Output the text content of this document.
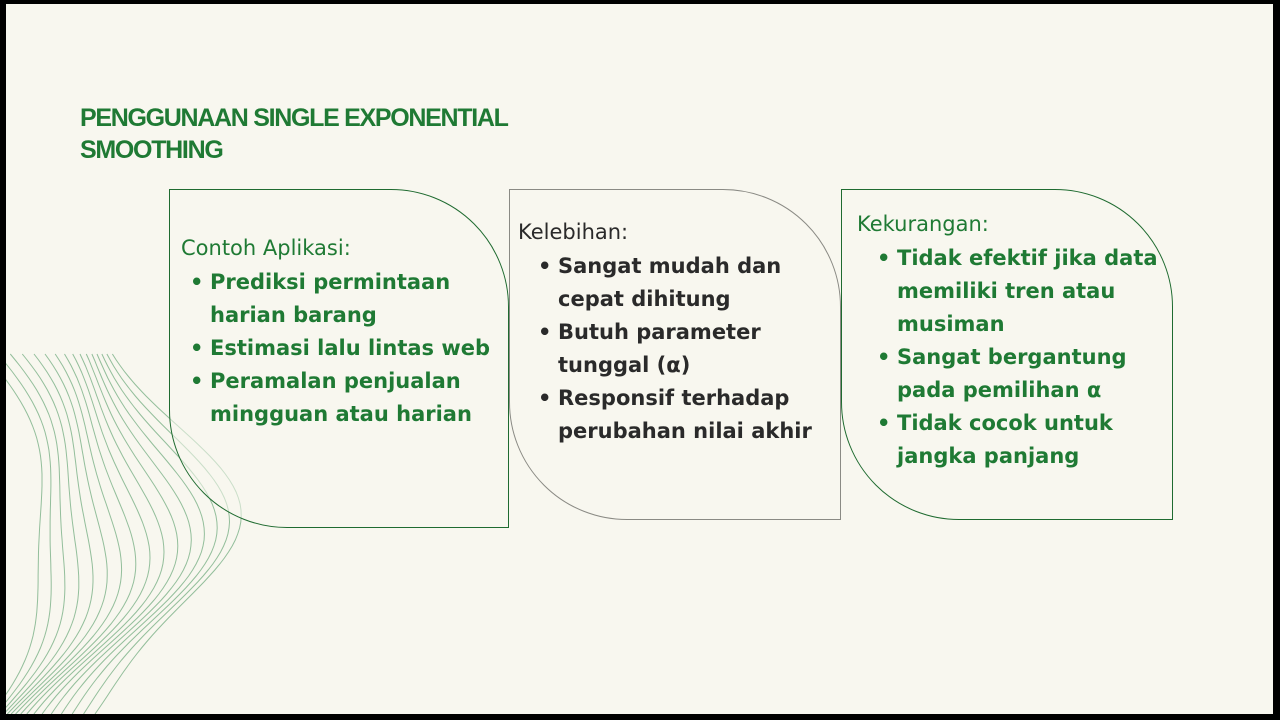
PENGGUNAAN SINGLE EXPONENTIAL
SMOOTHING
Contoh Aplikasi:
• Prediksi permintaan
harian barang
• Estimasi lalu lintas web
• Peramalan penjualan
mingguan atau harian
Kelebihan:
• Sangat mudah dan
cepat dihitung
• Butuh parameter
tunggal (α)
• Responsif terhadap
perubahan nilai akhir
Kekurangan:
• Tidak efektif jika data
memiliki tren atau
musiman
• Sangat bergantung
pada pemilihan α
• Tidak cocok untuk
jangka panjang
